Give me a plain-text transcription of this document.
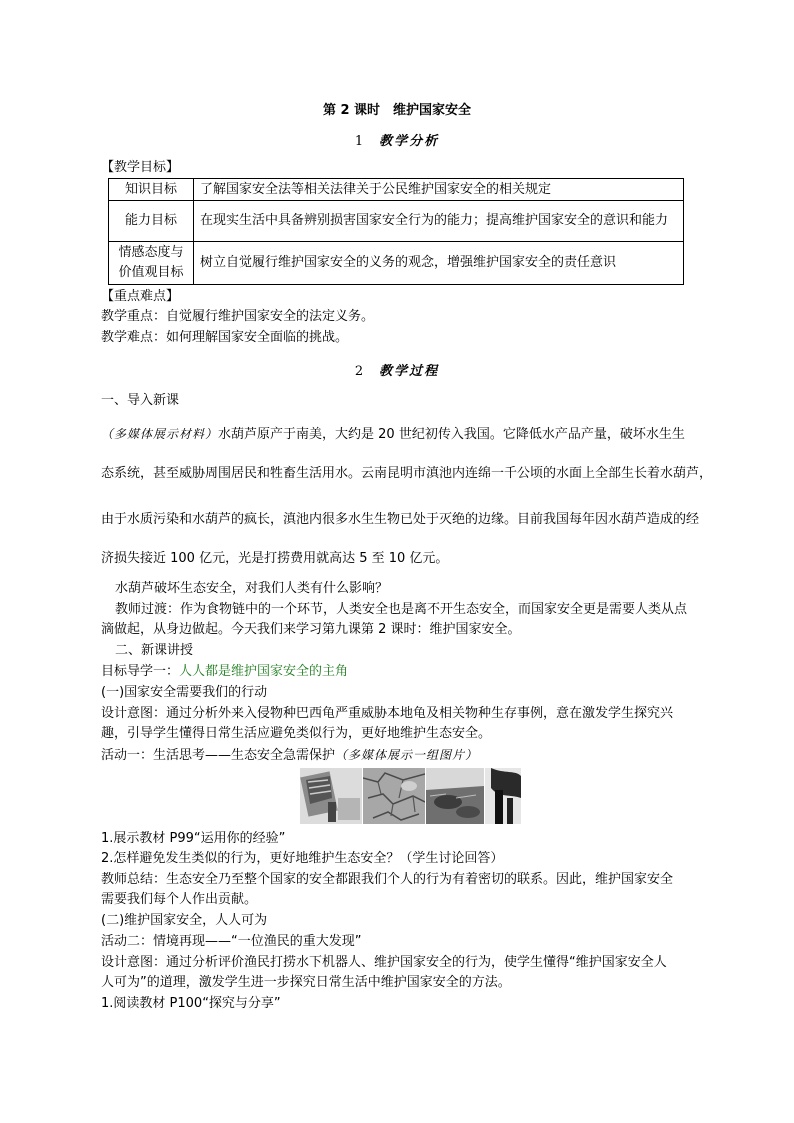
第 2 课时　维护国家安全
1 教学分析
【教学目标】
知识目标	了解国家安全法等相关法律关于公民维护国家安全的相关规定
能力目标	在现实生活中具备辨别损害国家安全行为的能力；提高维护国家安全的意识和能力

情感态度与
价值观目标	树立自觉履行维护国家安全的义务的观念，增强维护国家安全的责任意识
【重点难点】
教学重点：自觉履行维护国家安全的法定义务。
教学难点：如何理解国家安全面临的挑战。
2 教学过程
一、导入新课
（多媒体展示材料）水葫芦原产于南美，大约是 20 世纪初传入我国。它降低水产品产量，破坏水生生
态系统，甚至威胁周围居民和牲畜生活用水。云南昆明市滇池内连绵一千公顷的水面上全部生长着水葫芦，
由于水质污染和水葫芦的疯长，滇池内很多水生生物已处于灭绝的边缘。目前我国每年因水葫芦造成的经
济损失接近 100 亿元，光是打捞费用就高达 5 至 10 亿元。
水葫芦破坏生态安全，对我们人类有什么影响？
教师过渡：作为食物链中的一个环节，人类安全也是离不开生态安全，而国家安全更是需要人类从点
滴做起，从身边做起。今天我们来学习第九课第 2 课时：维护国家安全。
二、新课讲授
目标导学一：人人都是维护国家安全的主角
(一)国家安全需要我们的行动
设计意图：通过分析外来入侵物种巴西龟严重威胁本地龟及相关物种生存事例，意在激发学生探究兴
趣，引导学生懂得日常生活应避免类似行为，更好地维护生态安全。
活动一：生活思考——生态安全急需保护（多媒体展示一组图片）
1.展示教材 P99“运用你的经验”
2.怎样避免发生类似的行为，更好地维护生态安全？（学生讨论回答）
教师总结：生态安全乃至整个国家的安全都跟我们个人的行为有着密切的联系。因此，维护国家安全
需要我们每个人作出贡献。
(二)维护国家安全，人人可为
活动二：情境再现——“一位渔民的重大发现”
设计意图：通过分析评价渔民打捞水下机器人、维护国家安全的行为，使学生懂得“维护国家安全人
人可为”的道理，激发学生进一步探究日常生活中维护国家安全的方法。
1.阅读教材 P100“探究与分享”
